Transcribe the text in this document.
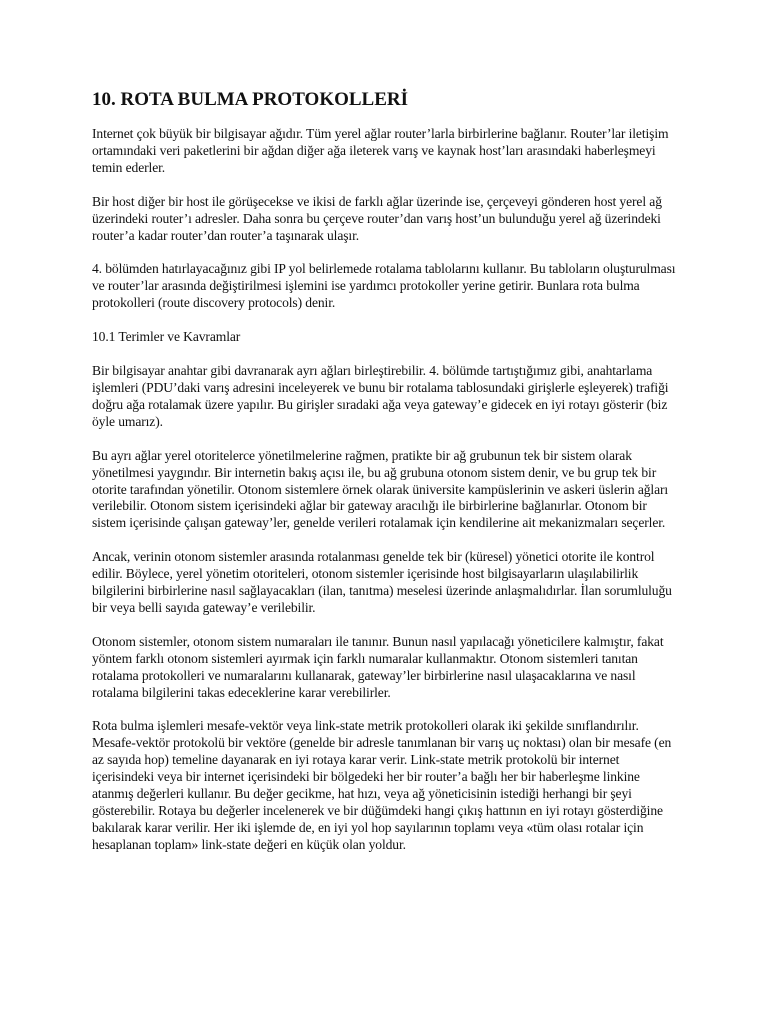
10. ROTA BULMA PROTOKOLLERİ

Internet çok büyük bir bilgisayar ağıdır. Tüm yerel ağlar router’larla birbirlerine bağlanır. Router’lar iletişim ortamındaki veri paketlerini bir ağdan diğer ağa ileterek varış ve kaynak host’ları arasındaki haberleşmeyi temin ederler.

Bir host diğer bir host ile görüşecekse ve ikisi de farklı ağlar üzerinde ise, çerçeveyi gönderen host yerel ağ üzerindeki router’ı adresler. Daha sonra bu çerçeve router’dan varış host’un bulunduğu yerel ağ üzerindeki router’a kadar router’dan router’a taşınarak ulaşır.

4. bölümden hatırlayacağınız gibi IP yol belirlemede rotalama tablolarını kullanır. Bu tabloların oluşturulması ve router’lar arasında değiştirilmesi işlemini ise yardımcı protokoller yerine getirir. Bunlara rota bulma protokolleri (route discovery protocols) denir.

10.1 Terimler ve Kavramlar

Bir bilgisayar anahtar gibi davranarak ayrı ağları birleştirebilir. 4. bölümde tartıştığımız gibi, anahtarlama işlemleri (PDU’daki varış adresini inceleyerek ve bunu bir rotalama tablosundaki girişlerle eşleyerek) trafiği doğru ağa rotalamak üzere yapılır. Bu girişler sıradaki ağa veya gateway’e gidecek en iyi rotayı gösterir (biz öyle umarız).

Bu ayrı ağlar yerel otoritelerce yönetilmelerine rağmen, pratikte bir ağ grubunun tek bir sistem olarak yönetilmesi yaygındır. Bir internetin bakış açısı ile, bu ağ grubuna otonom sistem denir, ve bu grup tek bir otorite tarafından yönetilir. Otonom sistemlere örnek olarak üniversite kampüslerinin ve askeri üslerin ağları verilebilir. Otonom sistem içerisindeki ağlar bir gateway aracılığı ile birbirlerine bağlanırlar. Otonom bir sistem içerisinde çalışan gateway’ler, genelde verileri rotalamak için kendilerine ait mekanizmaları seçerler.

Ancak, verinin otonom sistemler arasında rotalanması genelde tek bir (küresel) yönetici otorite ile kontrol edilir. Böylece, yerel yönetim otoriteleri, otonom sistemler içerisinde host bilgisayarların ulaşılabilirlik bilgilerini birbirlerine nasıl sağlayacakları (ilan, tanıtma) meselesi üzerinde anlaşmalıdırlar. İlan sorumluluğu bir veya belli sayıda gateway’e verilebilir.

Otonom sistemler, otonom sistem numaraları ile tanınır. Bunun nasıl yapılacağı yöneticilere kalmıştır, fakat yöntem farklı otonom sistemleri ayırmak için farklı numaralar kullanmaktır. Otonom sistemleri tanıtan rotalama protokolleri ve numaralarını kullanarak, gateway’ler birbirlerine nasıl ulaşacaklarına ve nasıl rotalama bilgilerini takas edeceklerine karar verebilirler.

Rota bulma işlemleri mesafe-vektör veya link-state metrik protokolleri olarak iki şekilde sınıflandırılır. Mesafe-vektör protokolü bir vektöre (genelde bir adresle tanımlanan bir varış uç noktası) olan bir mesafe (en az sayıda hop) temeline dayanarak en iyi rotaya karar verir. Link-state metrik protokolü bir internet içerisindeki veya bir internet içerisindeki bir bölgedeki her bir router’a bağlı her bir haberleşme linkine atanmış değerleri kullanır. Bu değer gecikme, hat hızı, veya ağ yöneticisinin istediği herhangi bir şeyi gösterebilir. Rotaya bu değerler incelenerek ve bir düğümdeki hangi çıkış hattının en iyi rotayı gösterdiğine bakılarak karar verilir. Her iki işlemde de, en iyi yol hop sayılarının toplamı veya «tüm olası rotalar için hesaplanan toplam» link-state değeri en küçük olan yoldur.
